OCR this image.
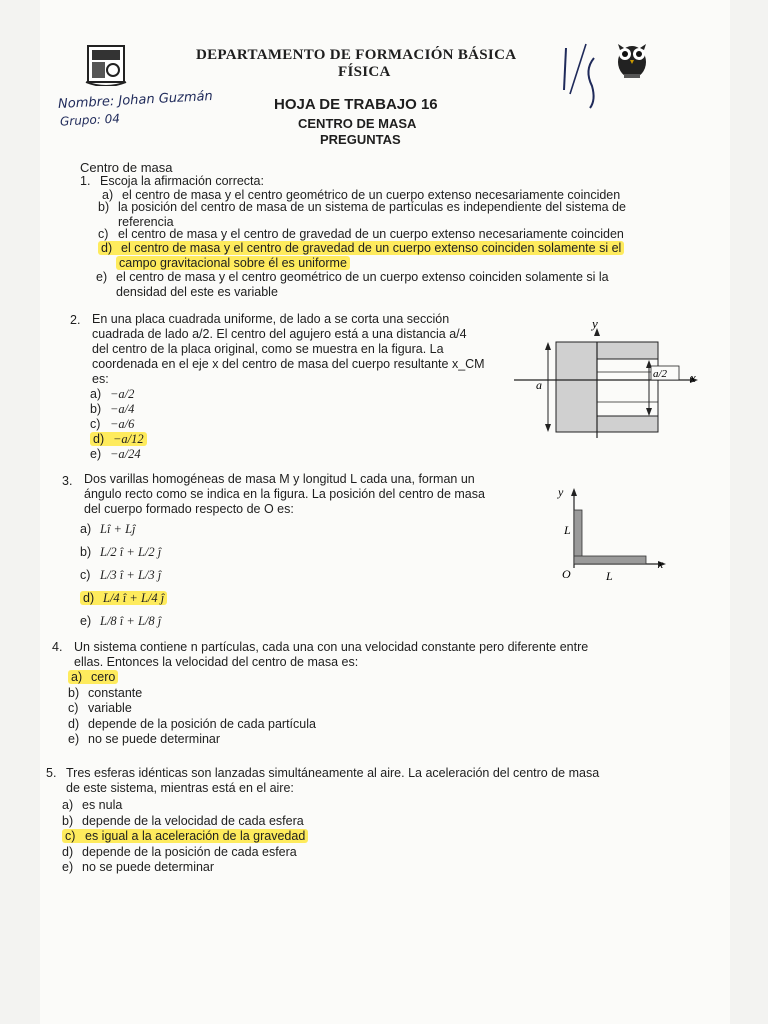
DEPARTAMENTO DE FORMACIÓN BÁSICA
FÍSICA
Nombre: Johan Guzmán
Grupo: 04
HOJA DE TRABAJO 16
CENTRO DE MASA
PREGUNTAS
Centro de masa
1. Escoja la afirmación correcta:
a) el centro de masa y el centro geométrico de un cuerpo extenso necesariamente coinciden
b) la posición del centro de masa de un sistema de partículas es independiente del sistema de
referencia
c) el centro de masa y el centro de gravedad de un cuerpo extenso necesariamente coinciden
d) el centro de masa y el centro de gravedad de un cuerpo extenso coinciden solamente si el
campo gravitacional sobre él es uniforme
e) el centro de masa y el centro geométrico de un cuerpo extenso coinciden solamente si la
densidad del este es variable
2. En una placa cuadrada uniforme, de lado a se corta una sección
cuadrada de lado a/2. El centro del agujero está a una distancia a/4
del centro de la placa original, como se muestra en la figura. La
coordenada en el eje x del centro de masa del cuerpo resultante x_CM
es:
a) −a/2
b) −a/4
c) −a/6
d) −a/12
e) −a/24
y
x
a
a/2
3. Dos varillas homogéneas de masa M y longitud L cada una, forman un
ángulo recto como se indica en la figura. La posición del centro de masa
del cuerpo formado respecto de O es:
a) Lî + Lĵ
b) L/2 î + L/2 ĵ
c) L/3 î + L/3 ĵ
d) L/4 î + L/4 ĵ
e) L/8 î + L/8 ĵ
y
x
O
L
L
4. Un sistema contiene n partículas, cada una con una velocidad constante pero diferente entre
ellas. Entonces la velocidad del centro de masa es:
a) cero
b) constante
c) variable
d) depende de la posición de cada partícula
e) no se puede determinar
5. Tres esferas idénticas son lanzadas simultáneamente al aire. La aceleración del centro de masa
de este sistema, mientras está en el aire:
a) es nula
b) depende de la velocidad de cada esfera
c) es igual a la aceleración de la gravedad
d) depende de la posición de cada esfera
e) no se puede determinar
